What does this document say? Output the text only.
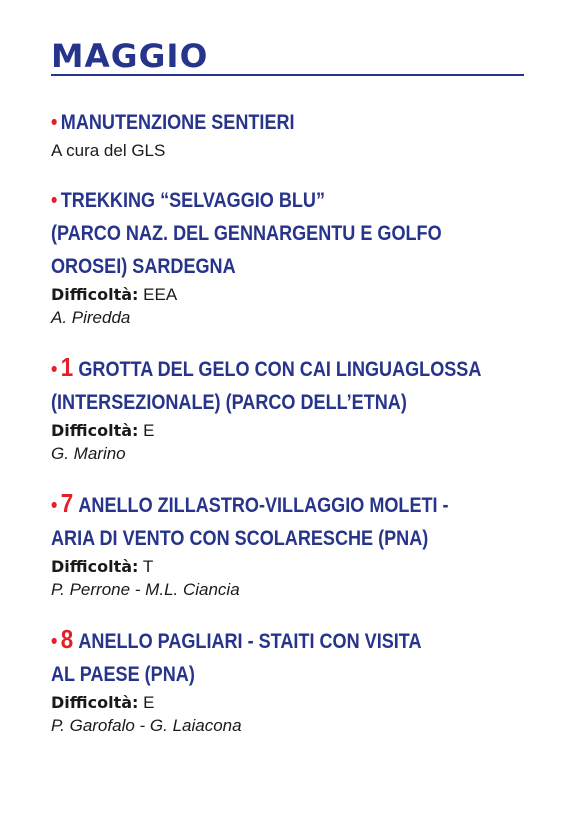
MAGGIO
• MANUTENZIONE SENTIERI
A cura del GLS
• TREKKING “SELVAGGIO BLU”
(PARCO NAZ. DEL GENNARGENTU E GOLFO
OROSEI) SARDEGNA
Difficoltà: EEA
A. Piredda
• 1 GROTTA DEL GELO CON CAI LINGUAGLOSSA
(INTERSEZIONALE) (PARCO DELL’ETNA)
Difficoltà: E
G. Marino
• 7 ANELLO ZILLASTRO-VILLAGGIO MOLETI -
ARIA DI VENTO CON SCOLARESCHE (PNA)
Difficoltà: T
P. Perrone - M.L. Ciancia
• 8 ANELLO PAGLIARI - STAITI CON VISITA
AL PAESE (PNA)
Difficoltà: E
P. Garofalo - G. Laiacona
